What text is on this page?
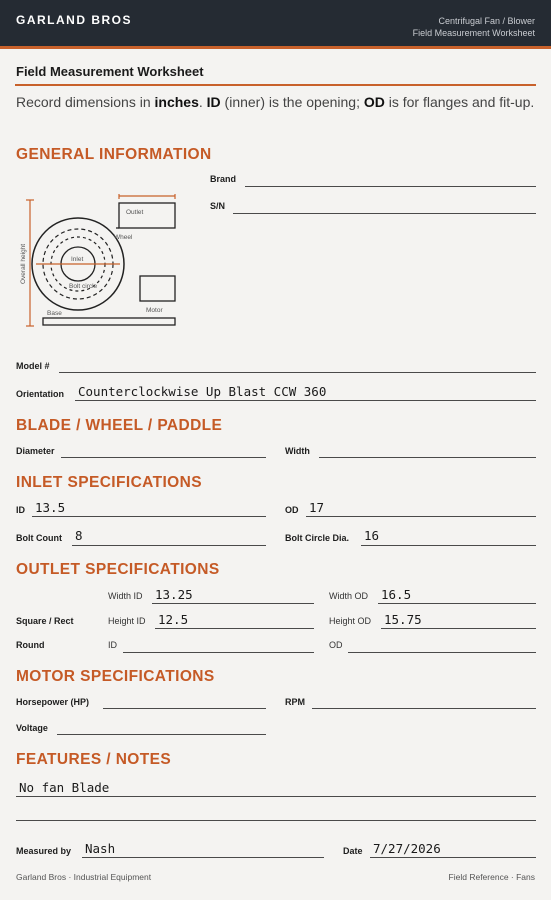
GARLAND BROS	Centrifugal Fan / Blower
Field Measurement Worksheet
Field Measurement Worksheet
Record dimensions in inches. ID (inner) is the opening; OD is for flanges and fit-up.
GENERAL INFORMATION
Overall height
Outlet
Wheel
Inlet
Bolt circle
Motor
Base
Brand
S/N
Model #
Orientation Counterclockwise Up Blast CCW 360
BLADE / WHEEL / PADDLE
Diameter	Width
INLET SPECIFICATIONS
ID 13.5	OD 17
Bolt Count 8	Bolt Circle Dia. 16
OUTLET SPECIFICATIONS
Width ID 13.25	Width OD 16.5
Square / Rect	Height ID 12.5	Height OD 15.75
Round	ID	OD
MOTOR SPECIFICATIONS
Horsepower (HP)	RPM
Voltage
FEATURES / NOTES
No fan Blade
Measured by Nash	Date 7/27/2026
Garland Bros · Industrial Equipment	Field Reference · Fans
